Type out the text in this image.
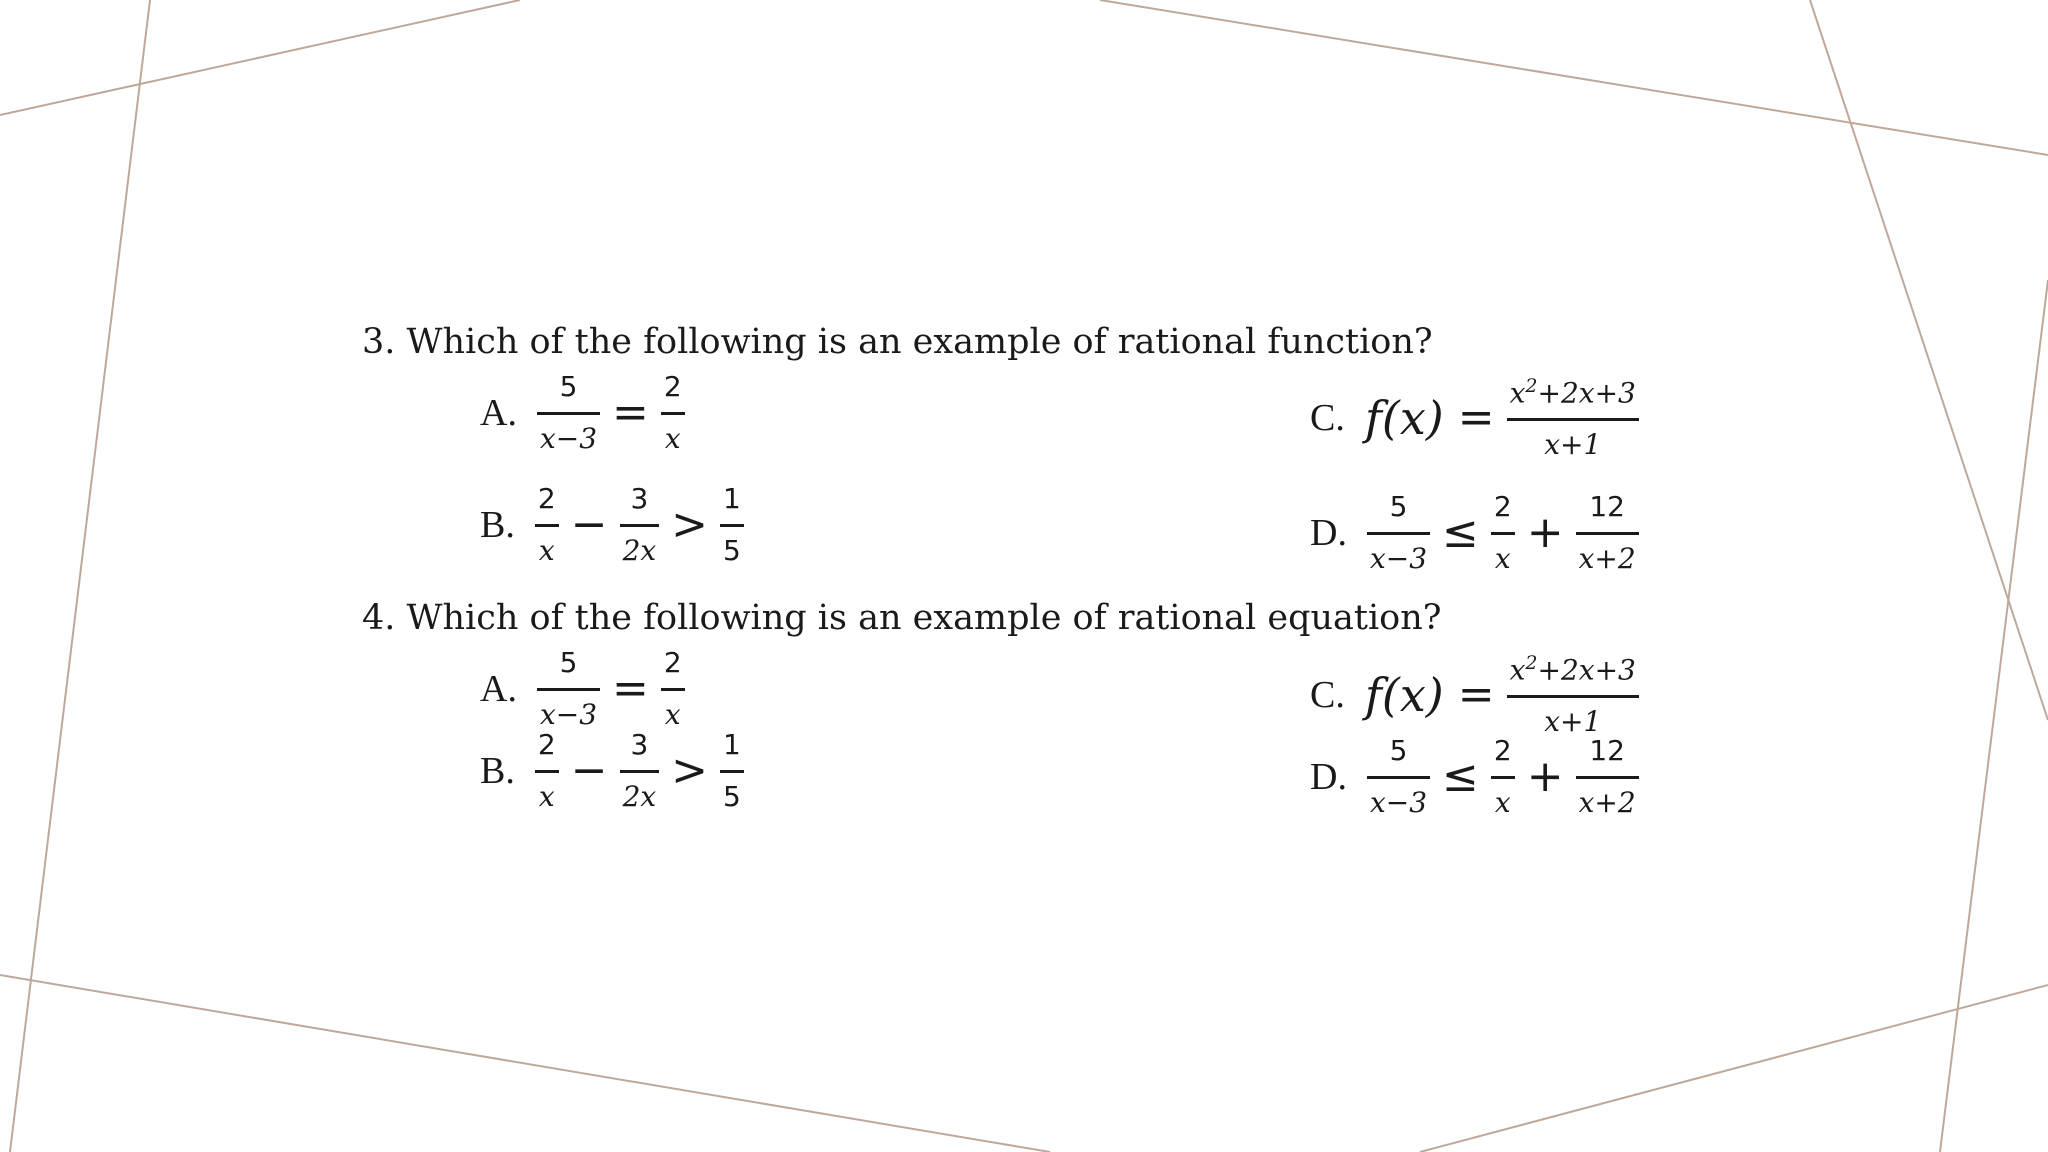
3. Which of the following is an example of rational function?
A. $\frac{5}{x-3} = \frac{2}{x}$
B. $\frac{2}{x} - \frac{3}{2x} > \frac{1}{5}$
C. $f(x) = \frac{x^2+2x+3}{x+1}$
D. $\frac{5}{x-3} \le \frac{2}{x} + \frac{12}{x+2}$
4. Which of the following is an example of rational equation?
A. $\frac{5}{x-3} = \frac{2}{x}$
B. $\frac{2}{x} - \frac{3}{2x} > \frac{1}{5}$
C. $f(x) = \frac{x^2+2x+3}{x+1}$
D. $\frac{5}{x-3} \le \frac{2}{x} + \frac{12}{x+2}$
